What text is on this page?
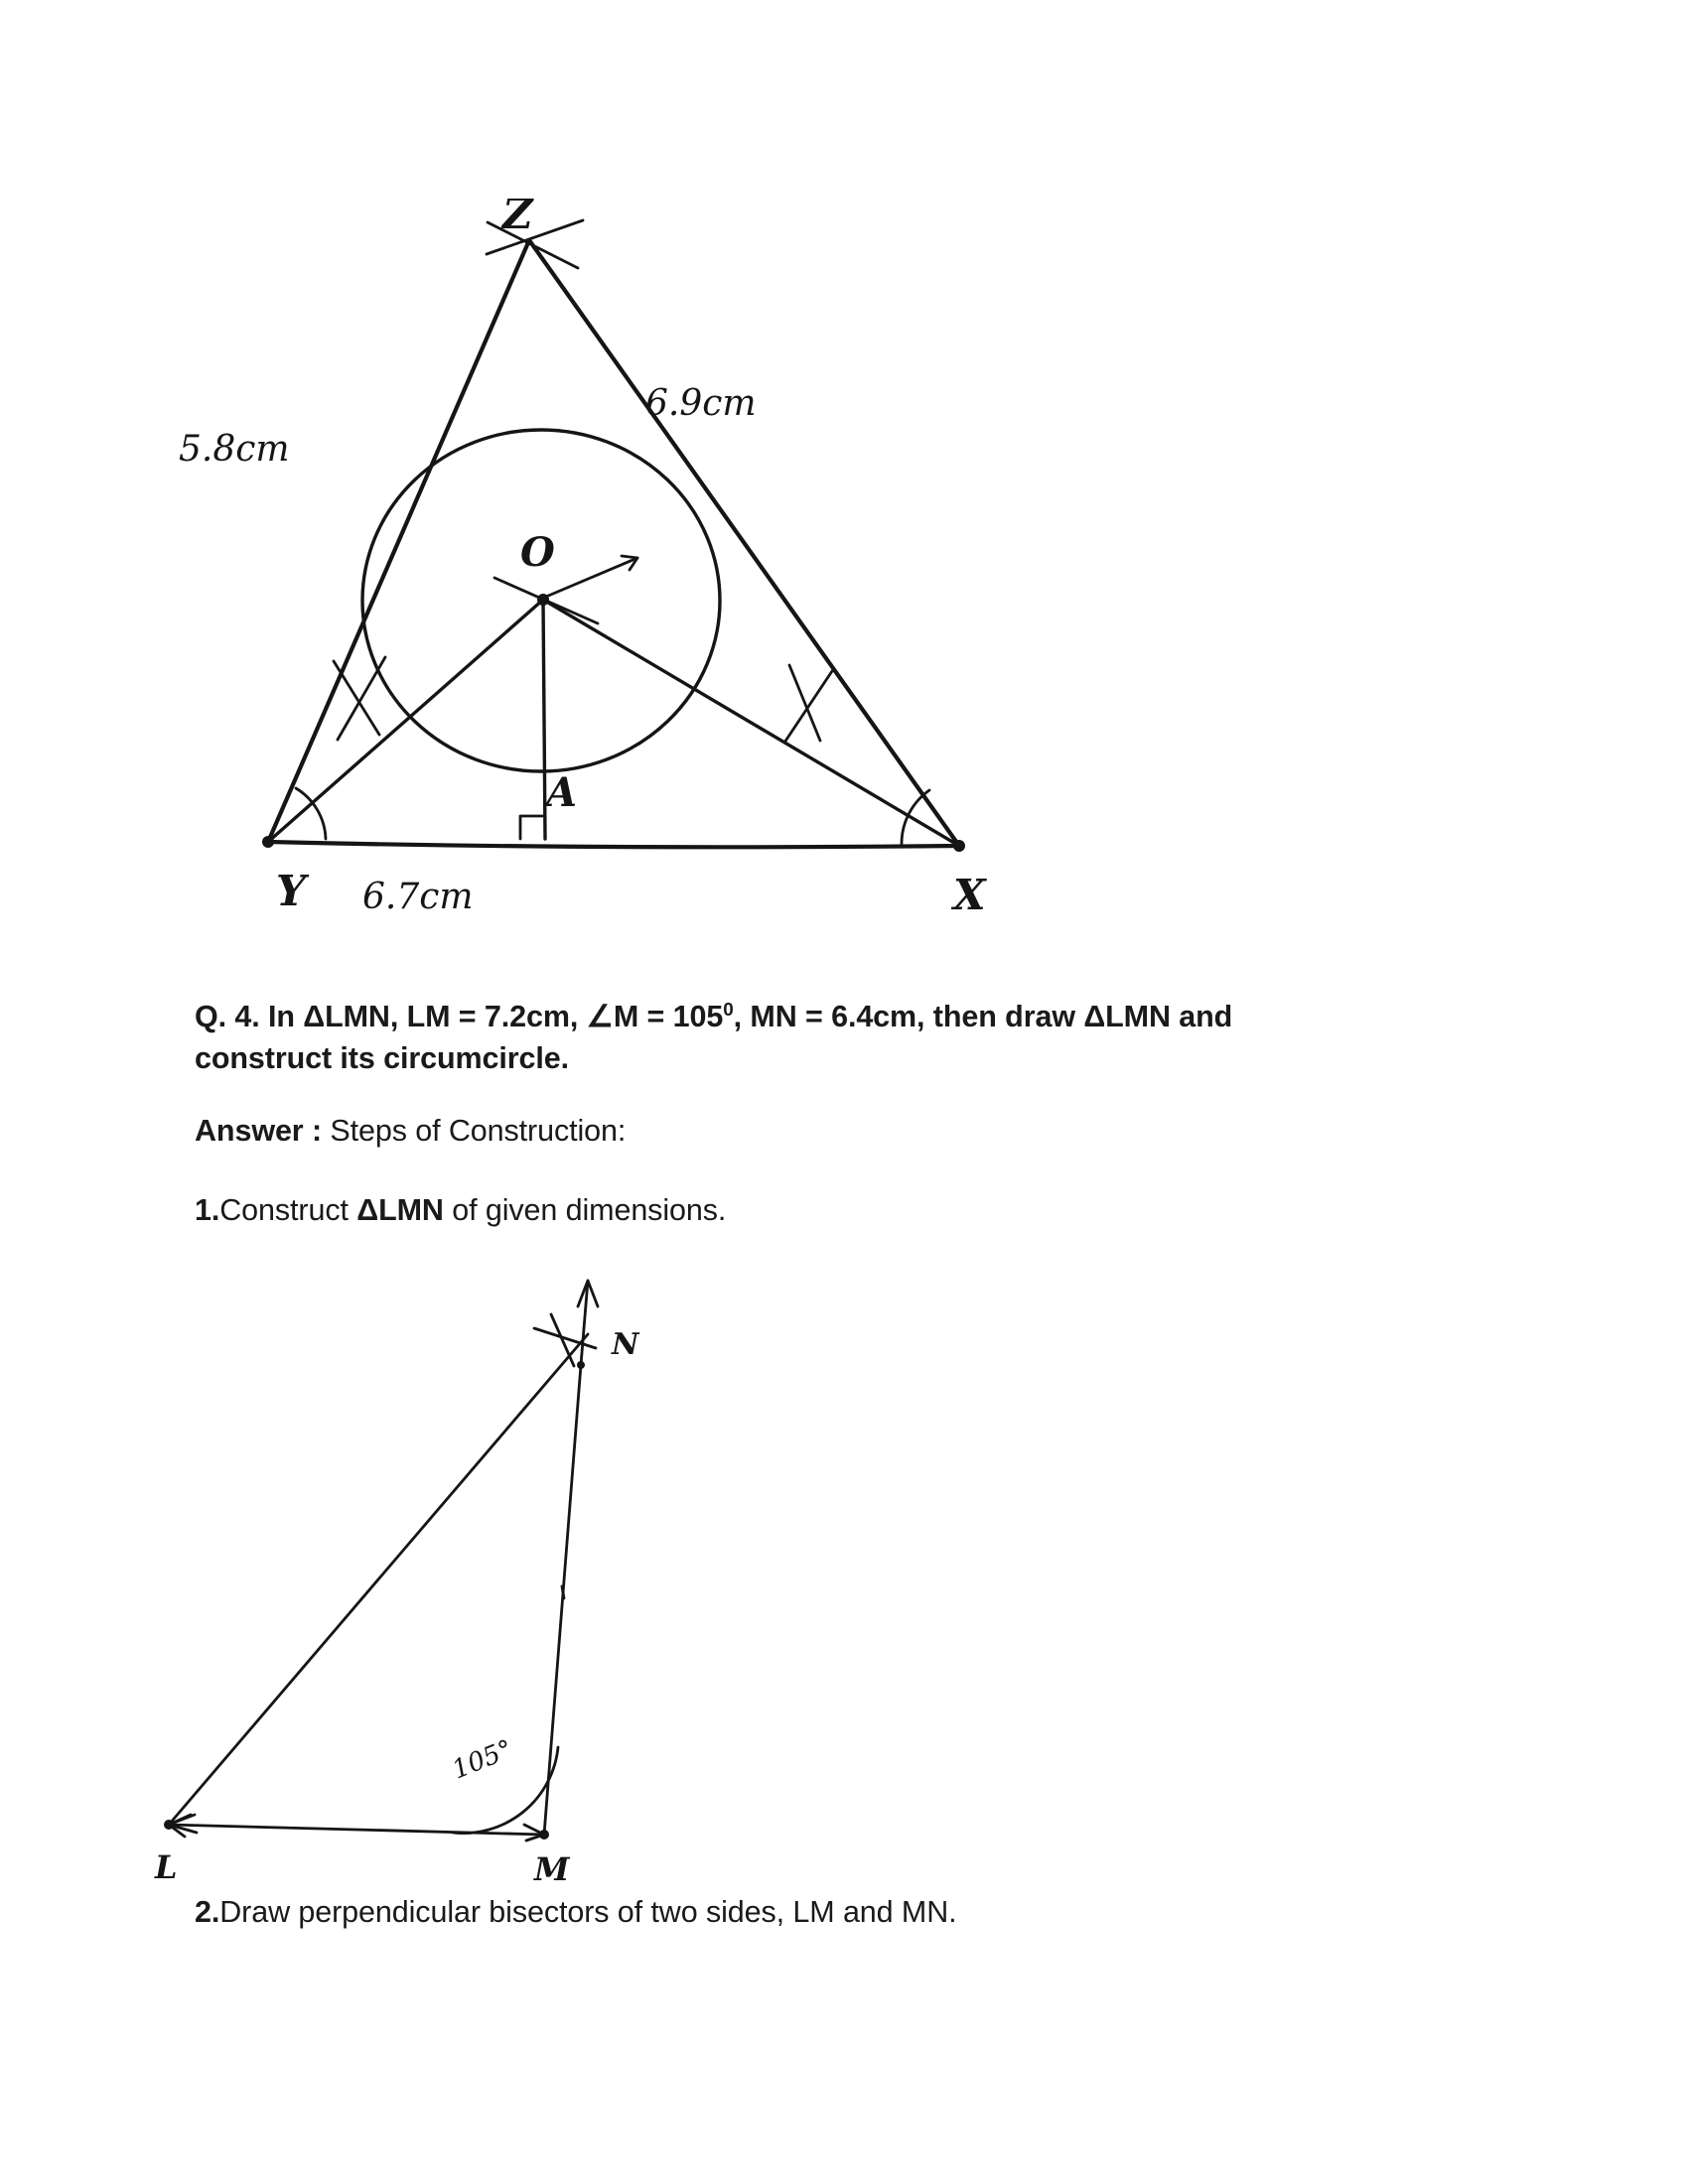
Z
Y	X
O
A
5.8cm
6.9cm
6.7cm
Q. 4. In ΔLMN, LM = 7.2cm, ∠M = $105^0$, MN = 6.4cm, then draw ΔLMN and construct its circumcircle.
Answer : Steps of Construction:
1.Construct ΔLMN of given dimensions.
L	M
N
105°
2.Draw perpendicular bisectors of two sides, LM and MN.
